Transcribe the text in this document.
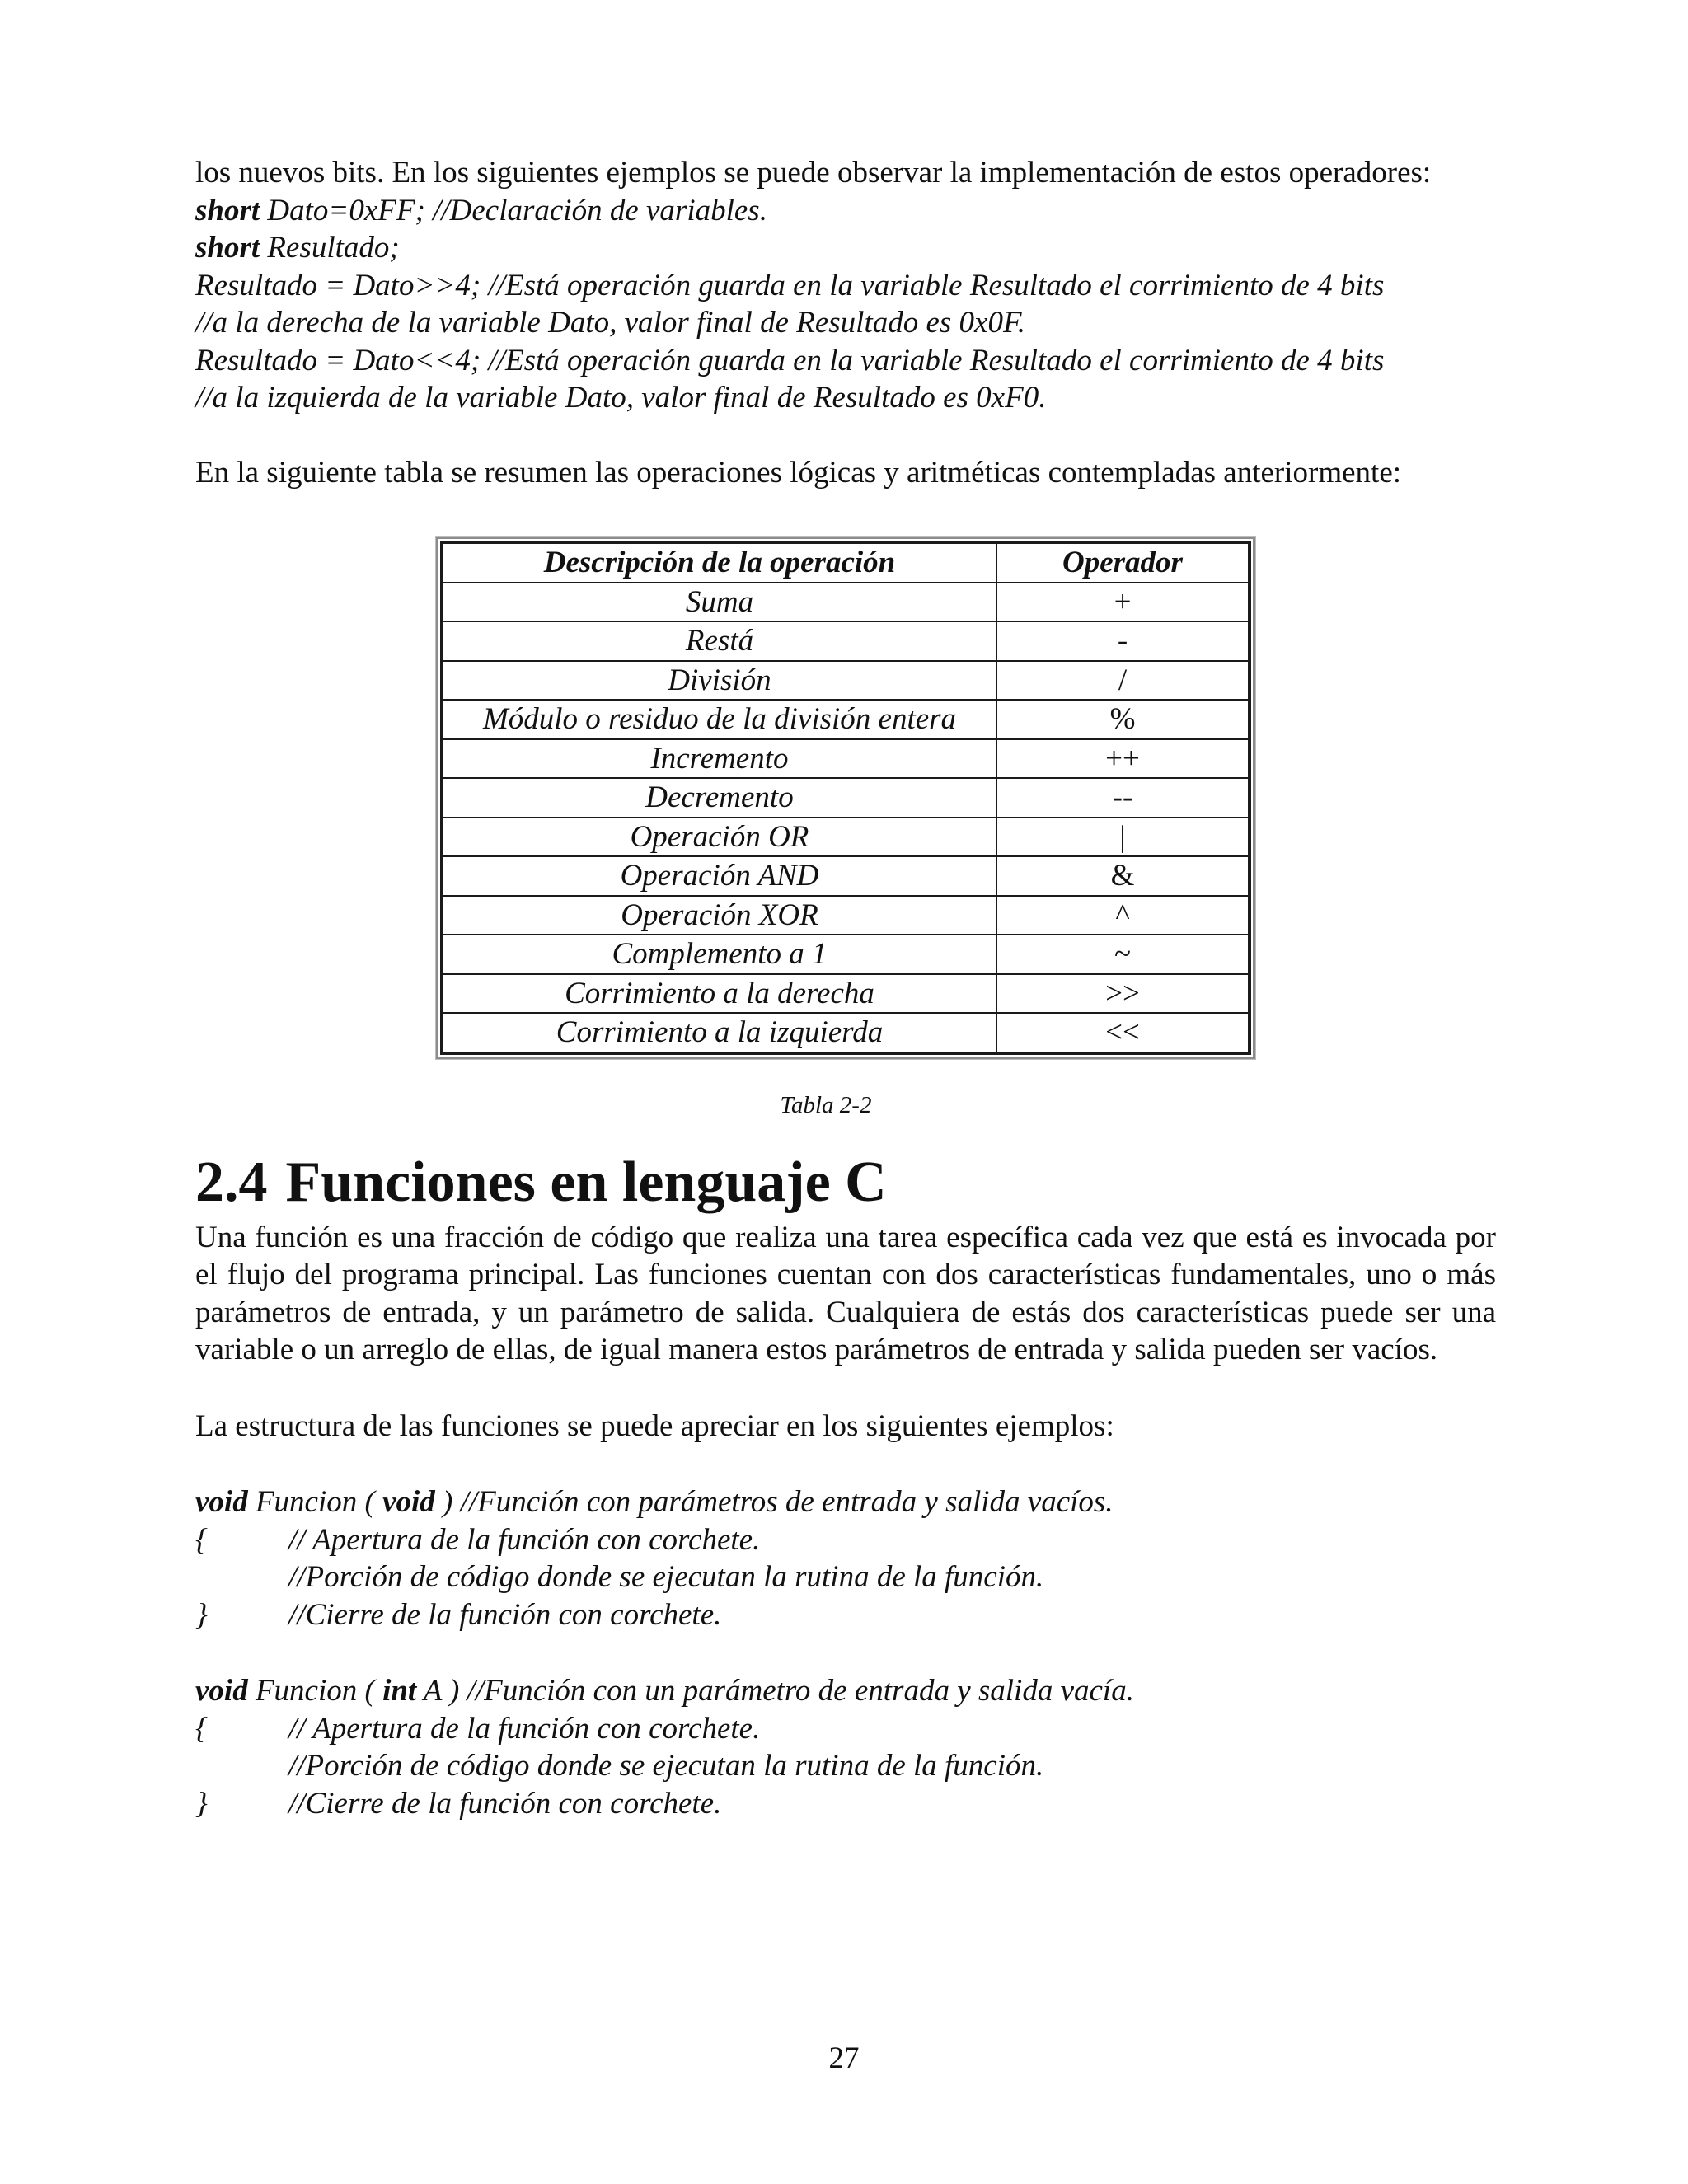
los nuevos bits. En los siguientes ejemplos se puede observar la implementación de estos operadores:

short Dato=0xFF; //Declaración de variables.

short Resultado;

Resultado = Dato>>4; //Está operación guarda en la variable Resultado el corrimiento de 4 bits

//a la derecha de la variable Dato, valor final de Resultado es 0x0F.

Resultado = Dato<<4; //Está operación guarda en la variable Resultado el corrimiento de 4 bits

//a la izquierda de la variable Dato, valor final de Resultado es 0xF0.

En la siguiente tabla se resumen las operaciones lógicas y aritméticas contempladas anteriormente:

Descripción de la operación	Operador
Suma	+
Restá	-
División	/
Módulo o residuo de la división entera	%
Incremento	++
Decremento	--
Operación OR	|
Operación AND	&
Operación XOR	^
Complemento a 1	~
Corrimiento a la derecha	>>
Corrimiento a la izquierda	<<

Tabla 2-2

2.4 Funciones en lenguaje C

Una función es una fracción de código que realiza una tarea específica cada vez que está es invocada por el flujo del programa principal. Las funciones cuentan con dos características fundamentales, uno o más parámetros de entrada, y un parámetro de salida. Cualquiera de estás dos características puede ser una variable o un arreglo de ellas, de igual manera estos parámetros de entrada y salida pueden ser vacíos.

La estructura de las funciones se puede apreciar en los siguientes ejemplos:

void Funcion ( void ) //Función con parámetros de entrada y salida vacíos.

{	// Apertura de la función con corchete.

//Porción de código donde se ejecutan la rutina de la función.

}	//Cierre de la función con corchete.

void Funcion ( int A ) //Función con un parámetro de entrada y salida vacía.

{	// Apertura de la función con corchete.

//Porción de código donde se ejecutan la rutina de la función.

}	//Cierre de la función con corchete.

27
